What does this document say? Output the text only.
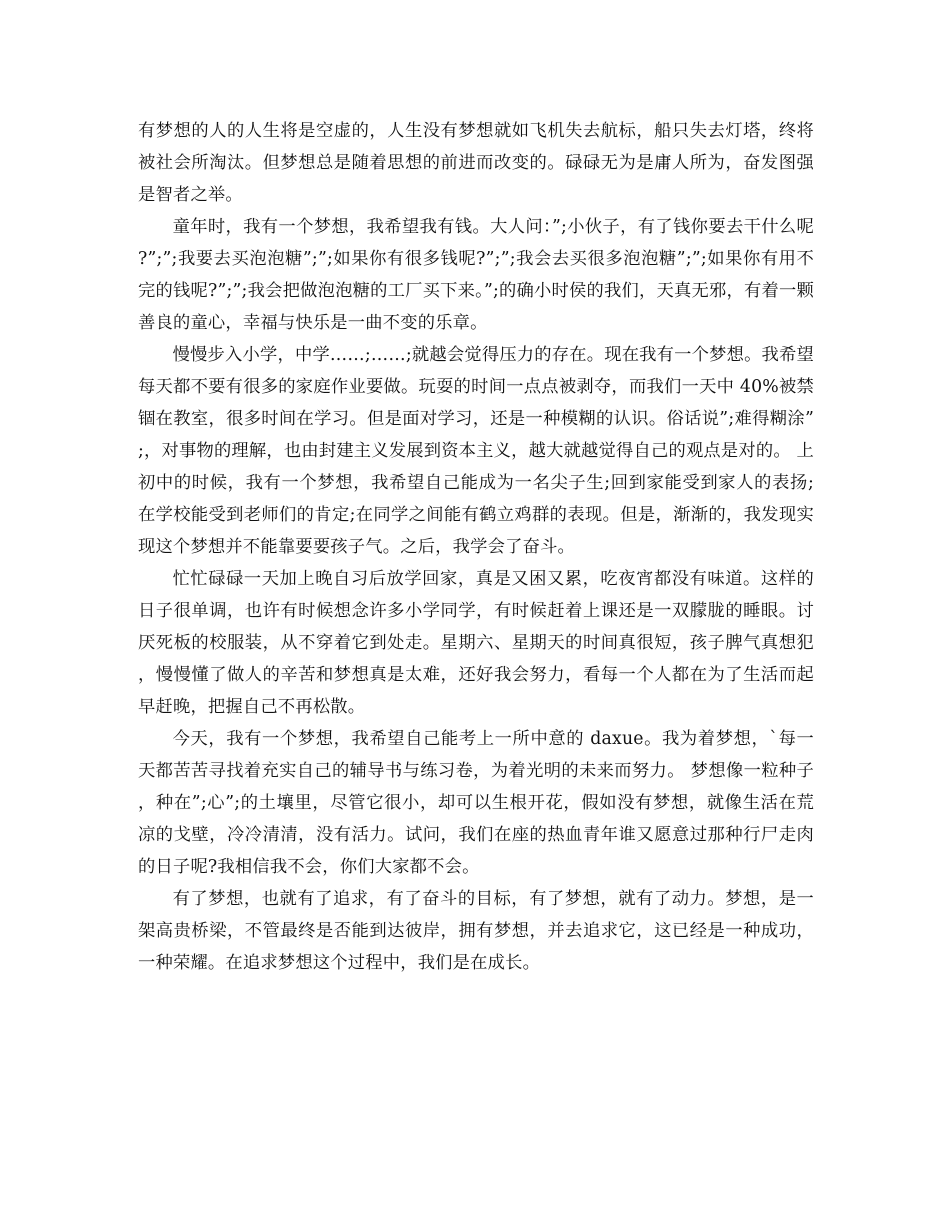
有梦想的人的人生将是空虚的，人生没有梦想就如飞机失去航标，船只失去灯塔，终将被社会所淘汰。但梦想总是随着思想的前进而改变的。碌碌无为是庸人所为，奋发图强是智者之举。

童年时，我有一个梦想，我希望我有钱。大人问：”;小伙子，有了钱你要去干什么呢?”;”;我要去买泡泡糖”;”;如果你有很多钱呢?”;”;我会去买很多泡泡糖”;”;如果你有用不完的钱呢?”;”;我会把做泡泡糖的工厂买下来。”;的确小时侯的我们，天真无邪，有着一颗善良的童心，幸福与快乐是一曲不变的乐章。

慢慢步入小学，中学……;……;就越会觉得压力的存在。现在我有一个梦想。我希望每天都不要有很多的家庭作业要做。玩耍的时间一点点被剥夺，而我们一天中 40%被禁锢在教室，很多时间在学习。但是面对学习，还是一种模糊的认识。俗话说”;难得糊涂”;，对事物的理解，也由封建主义发展到资本主义，越大就越觉得自己的观点是对的。 上初中的时候，我有一个梦想，我希望自己能成为一名尖子生;回到家能受到家人的表扬;在学校能受到老师们的肯定;在同学之间能有鹤立鸡群的表现。但是，渐渐的，我发现实现这个梦想并不能靠要要孩子气。之后，我学会了奋斗。

忙忙碌碌一天加上晚自习后放学回家，真是又困又累，吃夜宵都没有味道。这样的日子很单调，也许有时候想念许多小学同学，有时候赶着上课还是一双朦胧的睡眼。讨厌死板的校服装，从不穿着它到处走。星期六、星期天的时间真很短，孩子脾气真想犯，慢慢懂了做人的辛苦和梦想真是太难，还好我会努力，看每一个人都在为了生活而起早赶晚，把握自己不再松散。

今天，我有一个梦想，我希望自己能考上一所中意的 daxue。我为着梦想，`每一天都苦苦寻找着充实自己的辅导书与练习卷，为着光明的未来而努力。 梦想像一粒种子，种在”;心”;的土壤里，尽管它很小，却可以生根开花，假如没有梦想，就像生活在荒凉的戈壁，冷冷清清，没有活力。试问，我们在座的热血青年谁又愿意过那种行尸走肉的日子呢?我相信我不会，你们大家都不会。

有了梦想，也就有了追求，有了奋斗的目标，有了梦想，就有了动力。梦想，是一架高贵桥梁，不管最终是否能到达彼岸，拥有梦想，并去追求它，这已经是一种成功，一种荣耀。在追求梦想这个过程中，我们是在成长。
